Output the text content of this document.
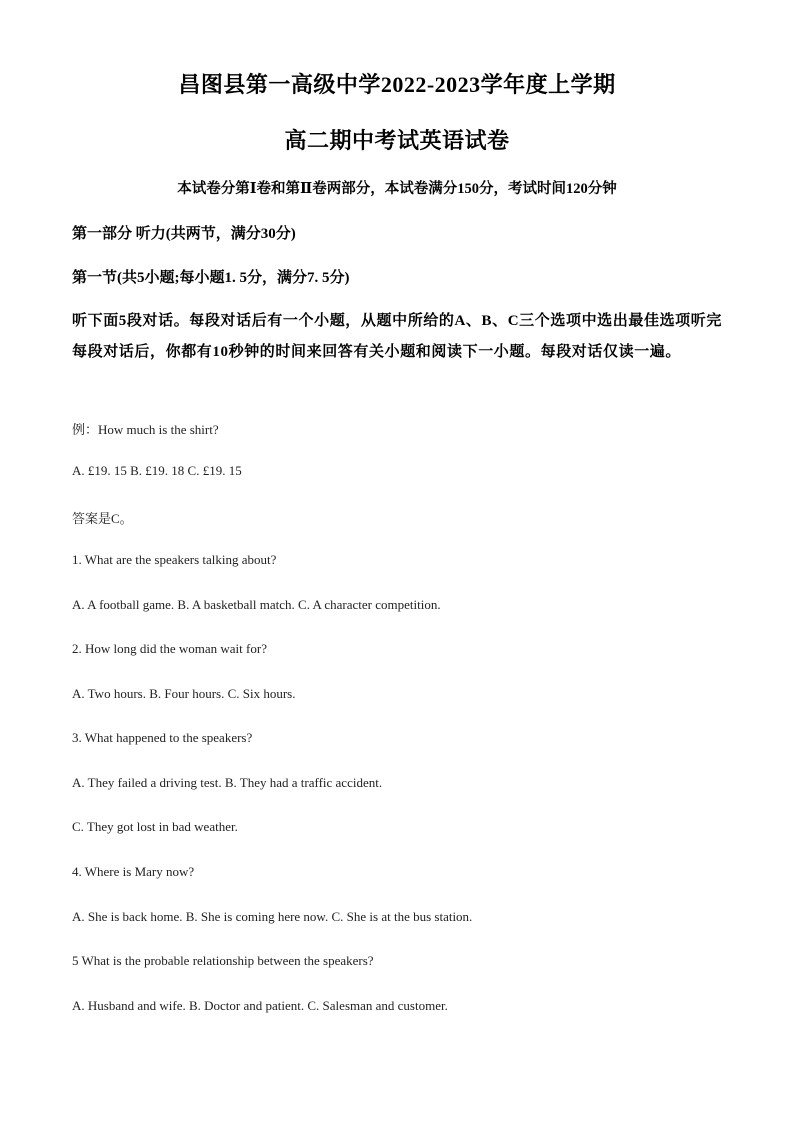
昌图县第一高级中学2022-2023学年度上学期
高二期中考试英语试卷
本试卷分第Ⅰ卷和第Ⅱ卷两部分，本试卷满分150分，考试时间120分钟
第一部分 听力(共两节，满分30分)
第一节(共5小题;每小题1. 5分，满分7. 5分)
听下面5段对话。每段对话后有一个小题，从题中所给的A、B、C三个选项中选出最佳选项听完每段对话后，你都有10秒钟的时间来回答有关小题和阅读下一小题。每段对话仅读一遍。
例：How much is the shirt?
A. £19. 15 B. £19. 18 C. £19. 15
答案是C。
1. What are the speakers talking about?
A. A football game. B. A basketball match. C. A character competition.
2. How long did the woman wait for?
A. Two hours. B. Four hours. C. Six hours.
3. What happened to the speakers?
A. They failed a driving test. B. They had a traffic accident.
C. They got lost in bad weather.
4. Where is Mary now?
A. She is back home. B. She is coming here now. C. She is at the bus station.
5 What is the probable relationship between the speakers?
A. Husband and wife. B. Doctor and patient. C. Salesman and customer.
